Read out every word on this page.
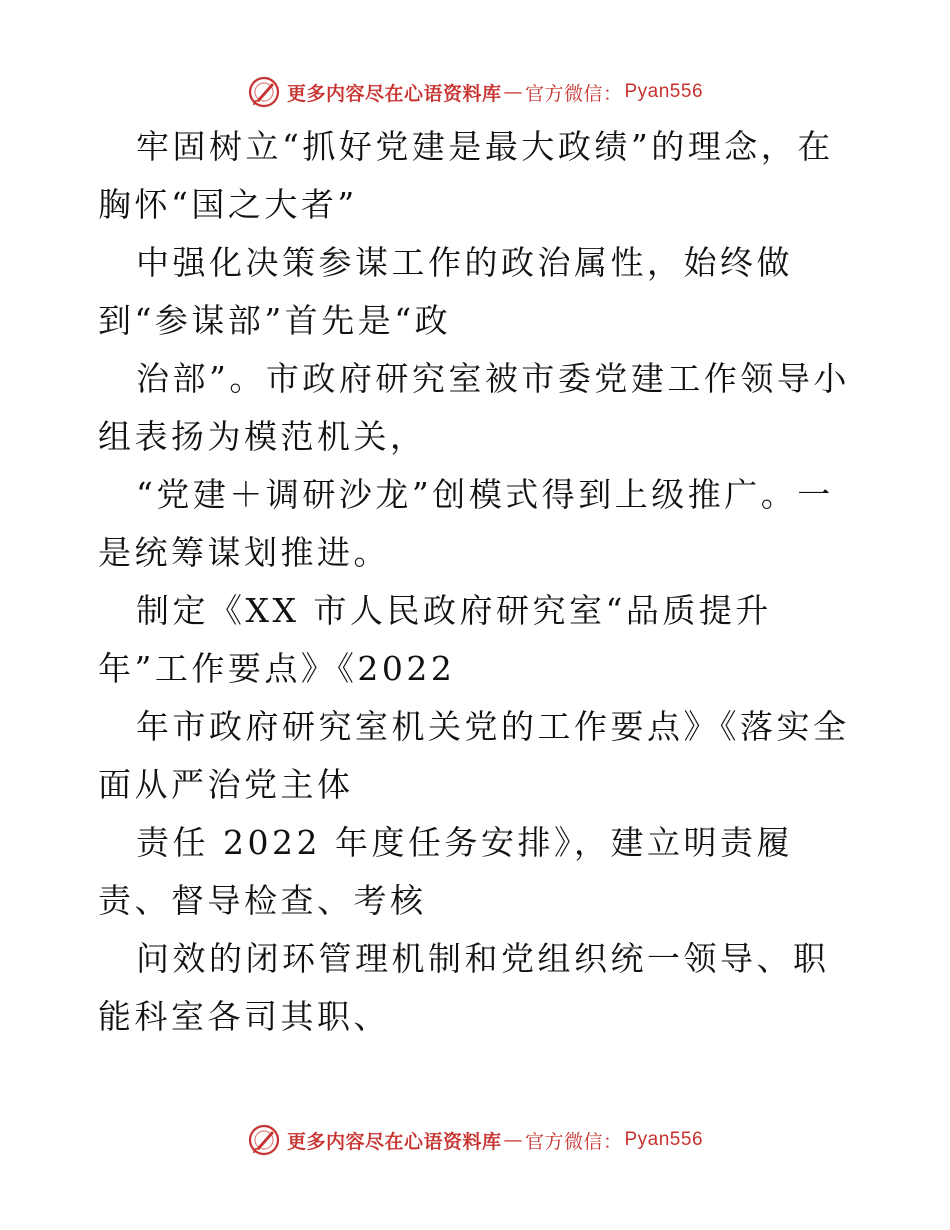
更多内容尽在心语资料库 — 官方微信： Pyan556

牢固树立“抓好党建是最大政绩”的理念，在胸怀“国之大者”

中强化决策参谋工作的政治属性，始终做到“参谋部”首先是“政

治部”。市政府研究室被市委党建工作领导小组表扬为模范机关，

“党建＋调研沙龙”创模式得到上级推广。一是统筹谋划推进。

制定《XX 市人民政府研究室“品质提升年”工作要点》《2022

年市政府研究室机关党的工作要点》《落实全面从严治党主体

责任 2022 年度任务安排》，建立明责履责、督导检查、考核

问效的闭环管理机制和党组织统一领导、职能科室各司其职、

更多内容尽在心语资料库 — 官方微信： Pyan556
